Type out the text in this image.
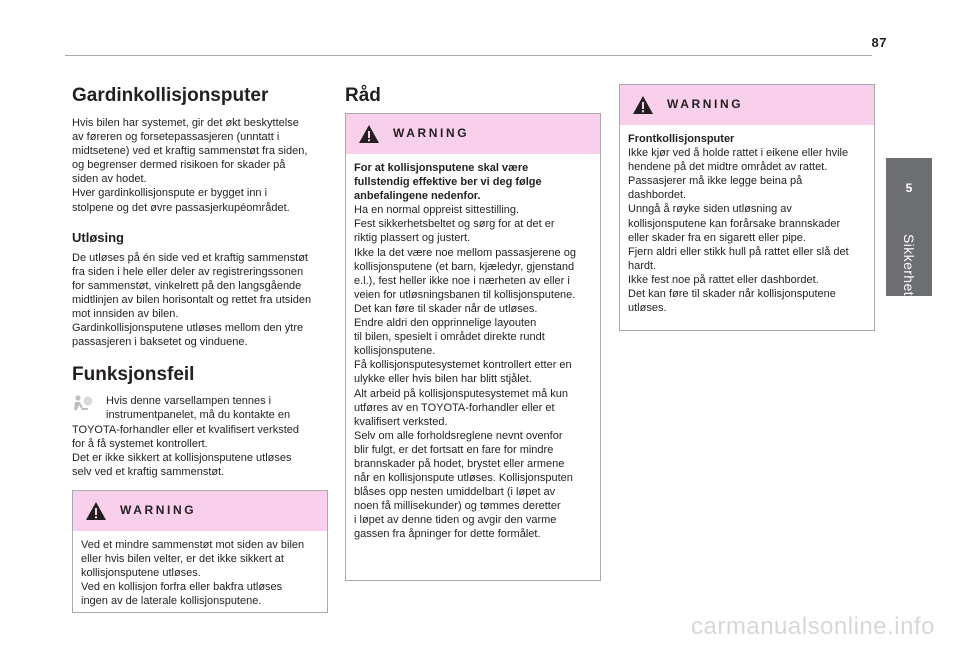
87
5
Sikkerhet
Gardinkollisjonsputer

Hvis bilen har systemet, gir det økt beskyttelse
av føreren og forsetepassasjeren (unntatt i
midtsetene) ved et kraftig sammenstøt fra siden,
og begrenser dermed risikoen for skader på
siden av hodet.
Hver gardinkollisjonspute er bygget inn i
stolpene og det øvre passasjerkupéområdet.

Utløsing

De utløses på én side ved et kraftig sammenstøt
fra siden i hele eller deler av registreringssonen
for sammenstøt, vinkelrett på den langsgående
midtlinjen av bilen horisontalt og rettet fra utsiden
mot innsiden av bilen.
Gardinkollisjonsputene utløses mellom den ytre
passasjeren i baksetet og vinduene.

Funksjonsfeil

Hvis denne varsellampen tennes i

instrumentpanelet, må du kontakte en

TOYOTA-forhandler eller et kvalifisert verksted
for å få systemet kontrollert.
Det er ikke sikkert at kollisjonsputene utløses
selv ved et kraftig sammenstøt.

WARNING

Ved et mindre sammenstøt mot siden av bilen
eller hvis bilen velter, er det ikke sikkert at
kollisjonsputene utløses.
Ved en kollisjon forfra eller bakfra utløses
ingen av de laterale kollisjonsputene.

Råd
WARNING

For at kollisjonsputene skal være
fullstendig effektive ber vi deg følge
anbefalingene nedenfor.

Ha en normal oppreist sittestilling.
Fest sikkerhetsbeltet og sørg for at det er
riktig plassert og justert.
Ikke la det være noe mellom passasjerene og
kollisjonsputene (et barn, kjæledyr, gjenstand
e.l.), fest heller ikke noe i nærheten av eller i
veien for utløsningsbanen til kollisjonsputene.
Det kan føre til skader når de utløses.
Endre aldri den opprinnelige layouten
til bilen, spesielt i området direkte rundt
kollisjonsputene.
Få kollisjonsputesystemet kontrollert etter en
ulykke eller hvis bilen har blitt stjålet.
Alt arbeid på kollisjonsputesystemet må kun
utføres av en TOYOTA-forhandler eller et
kvalifisert verksted.
Selv om alle forholdsreglene nevnt ovenfor
blir fulgt, er det fortsatt en fare for mindre
brannskader på hodet, brystet eller armene
når en kollisjonspute utløses. Kollisjonsputen
blåses opp nesten umiddelbart (i løpet av
noen få millisekunder) og tømmes deretter
i løpet av denne tiden og avgir den varme
gassen fra åpninger for dette formålet.

WARNING

Frontkollisjonsputer

Ikke kjør ved å holde rattet i eikene eller hvile
hendene på det midtre området av rattet.
Passasjerer må ikke legge beina på
dashbordet.
Unngå å røyke siden utløsning av
kollisjonsputene kan forårsake brannskader
eller skader fra en sigarett eller pipe.
Fjern aldri eller stikk hull på rattet eller slå det
hardt.
Ikke fest noe på rattet eller dashbordet.
Det kan føre til skader når kollisjonsputene
utløses.

carmanualsonline.info
